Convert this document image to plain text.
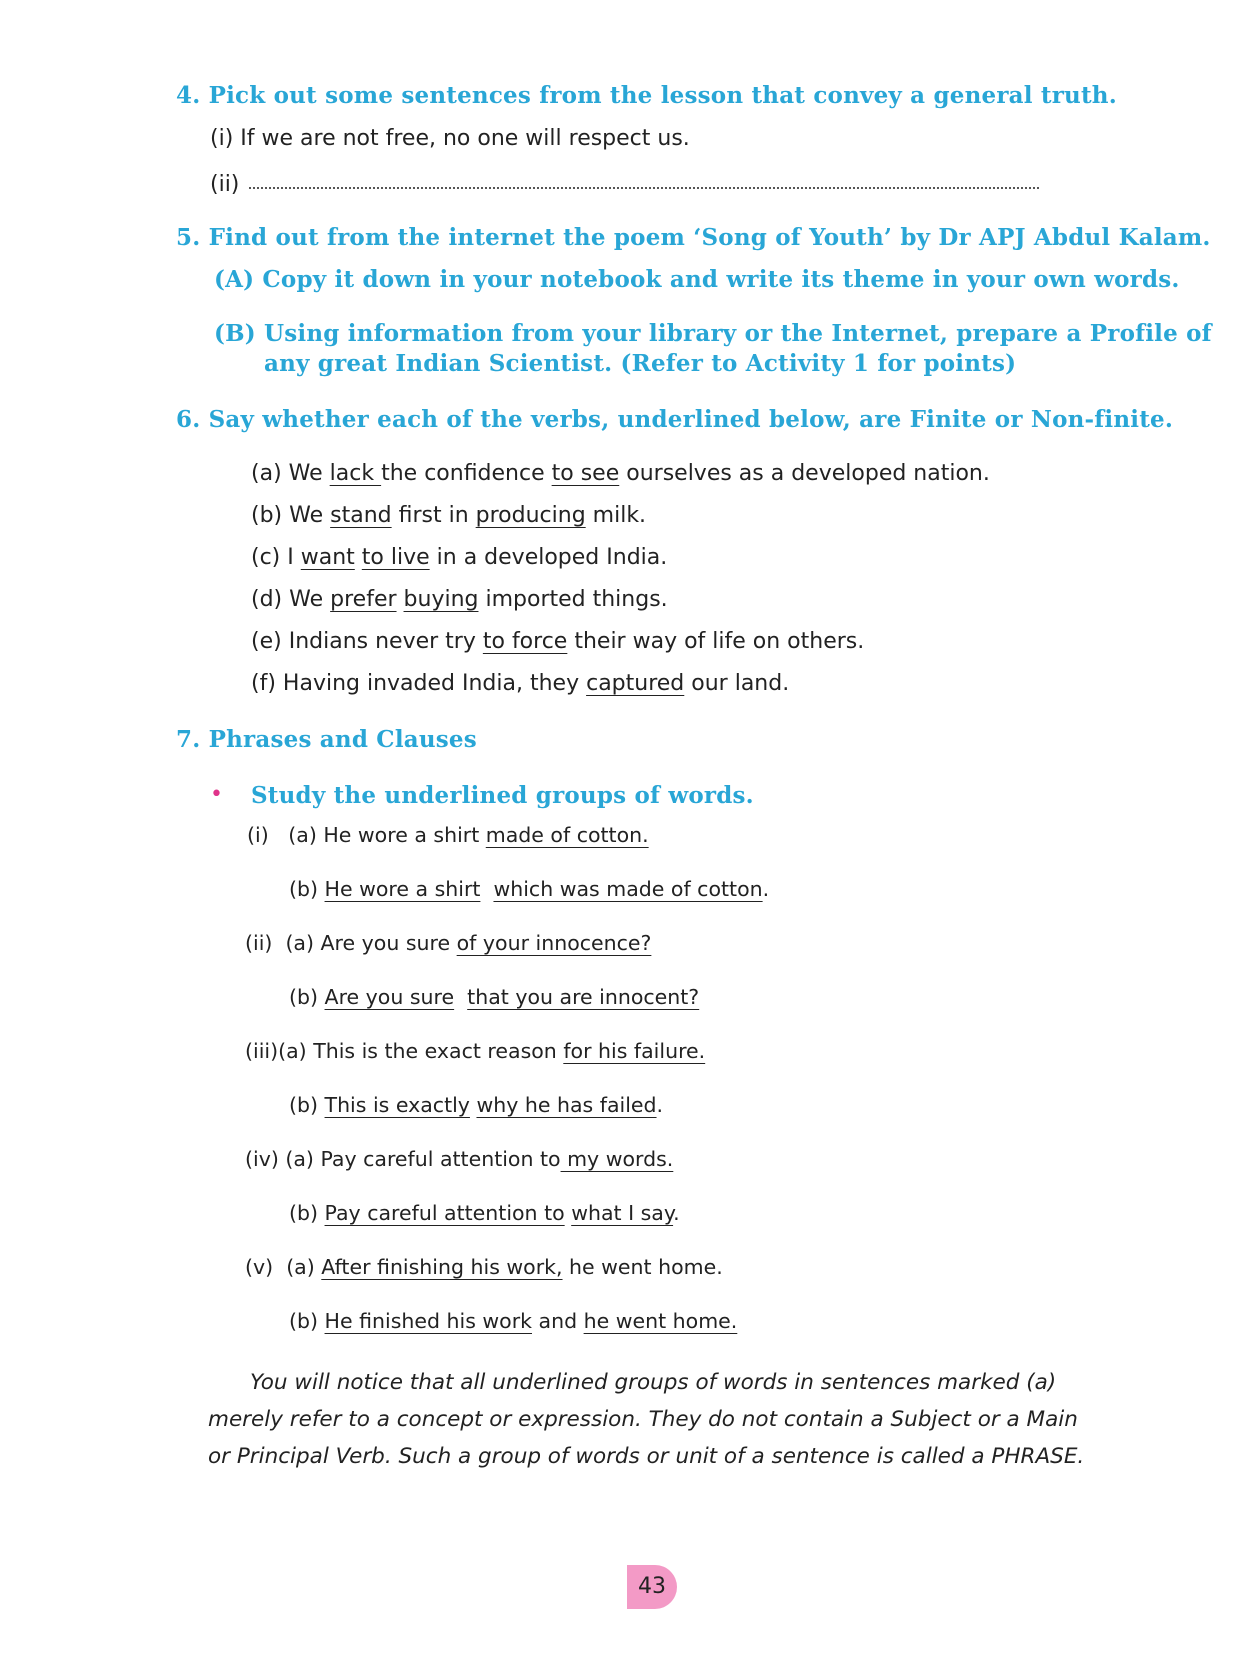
4. Pick out some sentences from the lesson that convey a general truth.
(i) If we are not free, no one will respect us.
(ii)
5. Find out from the internet the poem ‘Song of Youth’ by Dr APJ Abdul Kalam.
(A) Copy it down in your notebook and write its theme in your own words.
(B) Using information from your library or the Internet, prepare a Profile of
any great Indian Scientist. (Refer to Activity 1 for points)
6. Say whether each of the verbs, underlined below, are Finite or Non-finite.
(a) We lack the confidence to see ourselves as a developed nation.
(b) We stand first in producing milk.
(c) I want to live in a developed India.
(d) We prefer buying imported things.
(e) Indians never try to force their way of life on others.
(f) Having invaded India, they captured our land.
7. Phrases and Clauses
• Study the underlined groups of words.
(i) (a) He wore a shirt made of cotton.
(b) He wore a shirt which was made of cotton.
(ii) (a) Are you sure of your innocence?
(b) Are you sure that you are innocent?
(iii)(a) This is the exact reason for his failure.
(b) This is exactly why he has failed.
(iv) (a) Pay careful attention to my words.
(b) Pay careful attention to what I say.
(v) (a) After finishing his work, he went home.
(b) He finished his work and he went home.
You will notice that all underlined groups of words in sentences marked (a) merely refer to a concept or expression. They do not contain a Subject or a Main or Principal Verb. Such a group of words or unit of a sentence is called a PHRASE.
43
